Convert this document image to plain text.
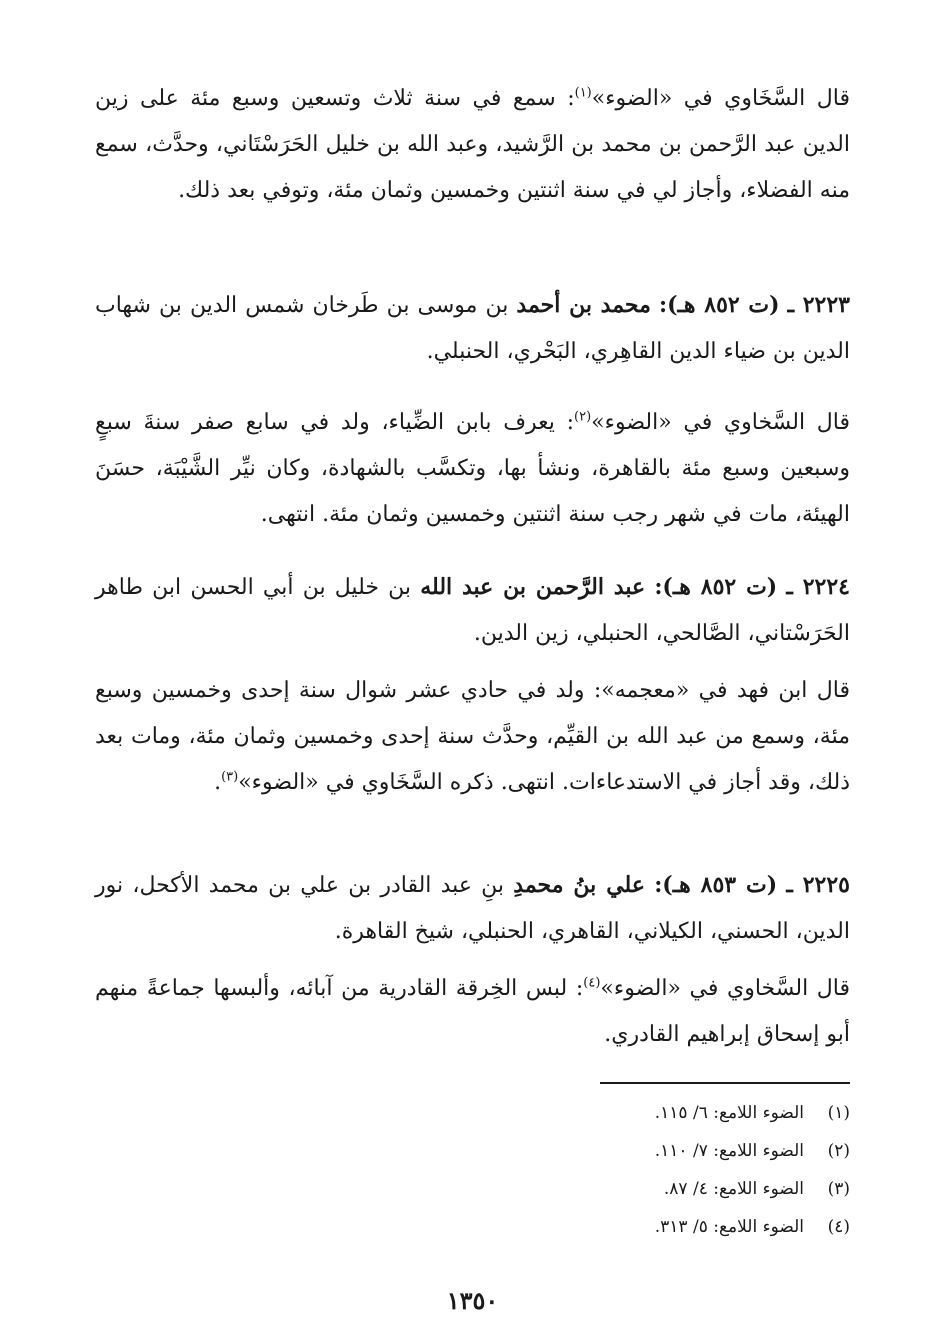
قال السَّخَاوي في «الضوء»$^{(١)}$: سمع في سنة ثلاث وتسعين وسبع مئة على زين الدين عبد الرَّحمن بن محمد بن الرَّشيد، وعبد الله بن خليل الحَرَسْتَاني، وحدَّث، سمع منه الفضلاء، وأجاز لي في سنة اثنتين وخمسين وثمان مئة، وتوفي بعد ذلك.

٢٢٢٣ ـ (ت ٨٥٢ هـ): محمد بن أحمد بن موسى بن طَرخان شمس الدين بن شهاب الدين بن ضياء الدين القاهِري، البَحْري، الحنبلي.

قال السَّخاوي في «الضوء»$^{(٢)}$: يعرف بابن الضِّياء، ولد في سابع صفر سنةَ سبعٍ وسبعين وسبع مئة بالقاهرة، ونشأ بها، وتكسَّب بالشهادة، وكان نيِّر الشَّيْبَة، حسَنَ الهيئة، مات في شهر رجب سنة اثنتين وخمسين وثمان مئة. انتهى.

٢٢٢٤ ـ (ت ٨٥٢ هـ): عبد الرَّحمن بن عبد الله بن خليل بن أبي الحسن ابن طاهر الحَرَسْتاني، الصَّالحي، الحنبلي، زين الدين.

قال ابن فهد في «معجمه»: ولد في حادي عشر شوال سنة إحدى وخمسين وسبع مئة، وسمع من عبد الله بن القيِّم، وحدَّث سنة إحدى وخمسين وثمان مئة، ومات بعد ذلك، وقد أجاز في الاستدعاءات. انتهى. ذكره السَّخَاوي في «الضوء»$^{(٣)}$.

٢٢٢٥ ـ (ت ٨٥٣ هـ): علي بنُ محمدِ بنِ عبد القادر بن علي بن محمد الأكحل، نور الدين، الحسني، الكيلاني، القاهري، الحنبلي، شيخ القاهرة.

قال السَّخاوي في «الضوء»$^{(٤)}$: لبس الخِرقة القادرية من آبائه، وألبسها جماعةً منهم أبو إسحاق إبراهيم القادري.

(١)
الضوء اللامع: ٦/ ١١٥.
(٢)
الضوء اللامع: ٧/ ١١٠.
(٣)
الضوء اللامع: ٤/ ٨٧.
(٤)
الضوء اللامع: ٥/ ٣١٣.
١٣٥٠
